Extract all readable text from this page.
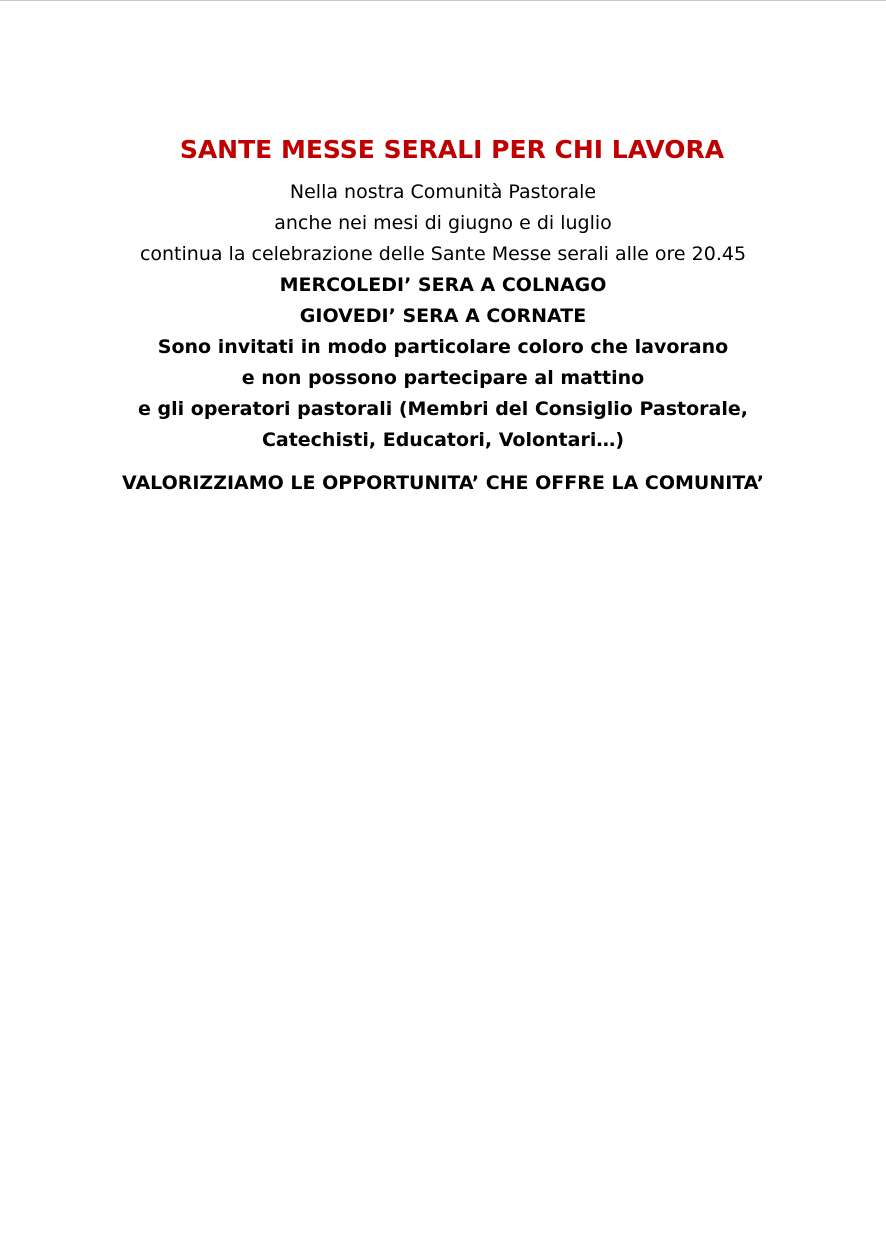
SANTE MESSE SERALI PER CHI LAVORA
Nella nostra Comunità Pastorale
anche nei mesi di giugno e di luglio
continua la celebrazione delle Sante Messe serali alle ore 20.45
MERCOLEDI’ SERA A COLNAGO
GIOVEDI’ SERA A CORNATE
Sono invitati in modo particolare coloro che lavorano
e non possono partecipare al mattino
e gli operatori pastorali (Membri del Consiglio Pastorale,
Catechisti, Educatori, Volontari…)
VALORIZZIAMO LE OPPORTUNITA’ CHE OFFRE LA COMUNITA’
